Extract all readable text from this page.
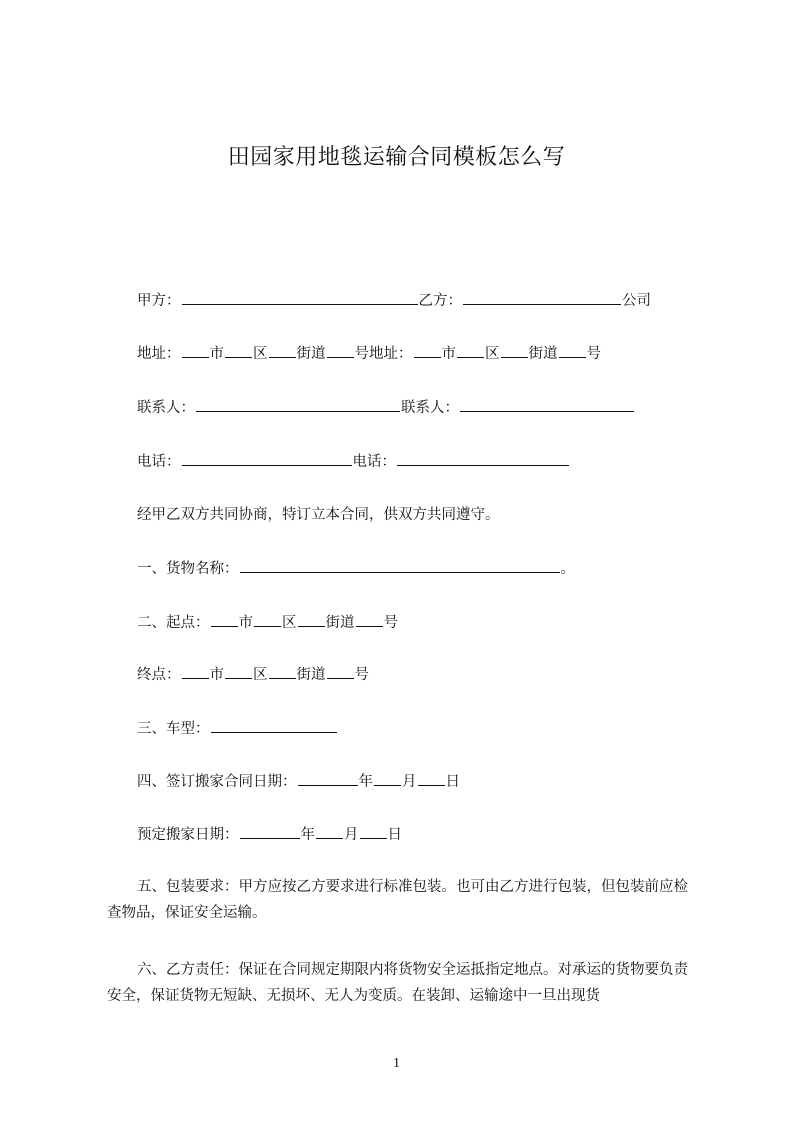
田园家用地毯运输合同模板怎么写
甲方：	乙方：	公司
地址： 市 区 街道 号地址： 市 区 街道 号
联系人：	联系人：
电话：	电话：
经甲乙双方共同协商，特订立本合同，供双方共同遵守。
一、货物名称：	。
二、起点： 市 区 街道 号
终点： 市 区 街道 号
三、车型：
四、签订搬家合同日期：	年 月 日
预定搬家日期：	年 月 日
五、包装要求：甲方应按乙方要求进行标准包装。也可由乙方进行包装，但包装前应检查物品，保证安全运输。
六、乙方责任：保证在合同规定期限内将货物安全运抵指定地点。对承运的货物要负责安全，保证货物无短缺、无损坏、无人为变质。在装卸、运输途中一旦出现货
1
